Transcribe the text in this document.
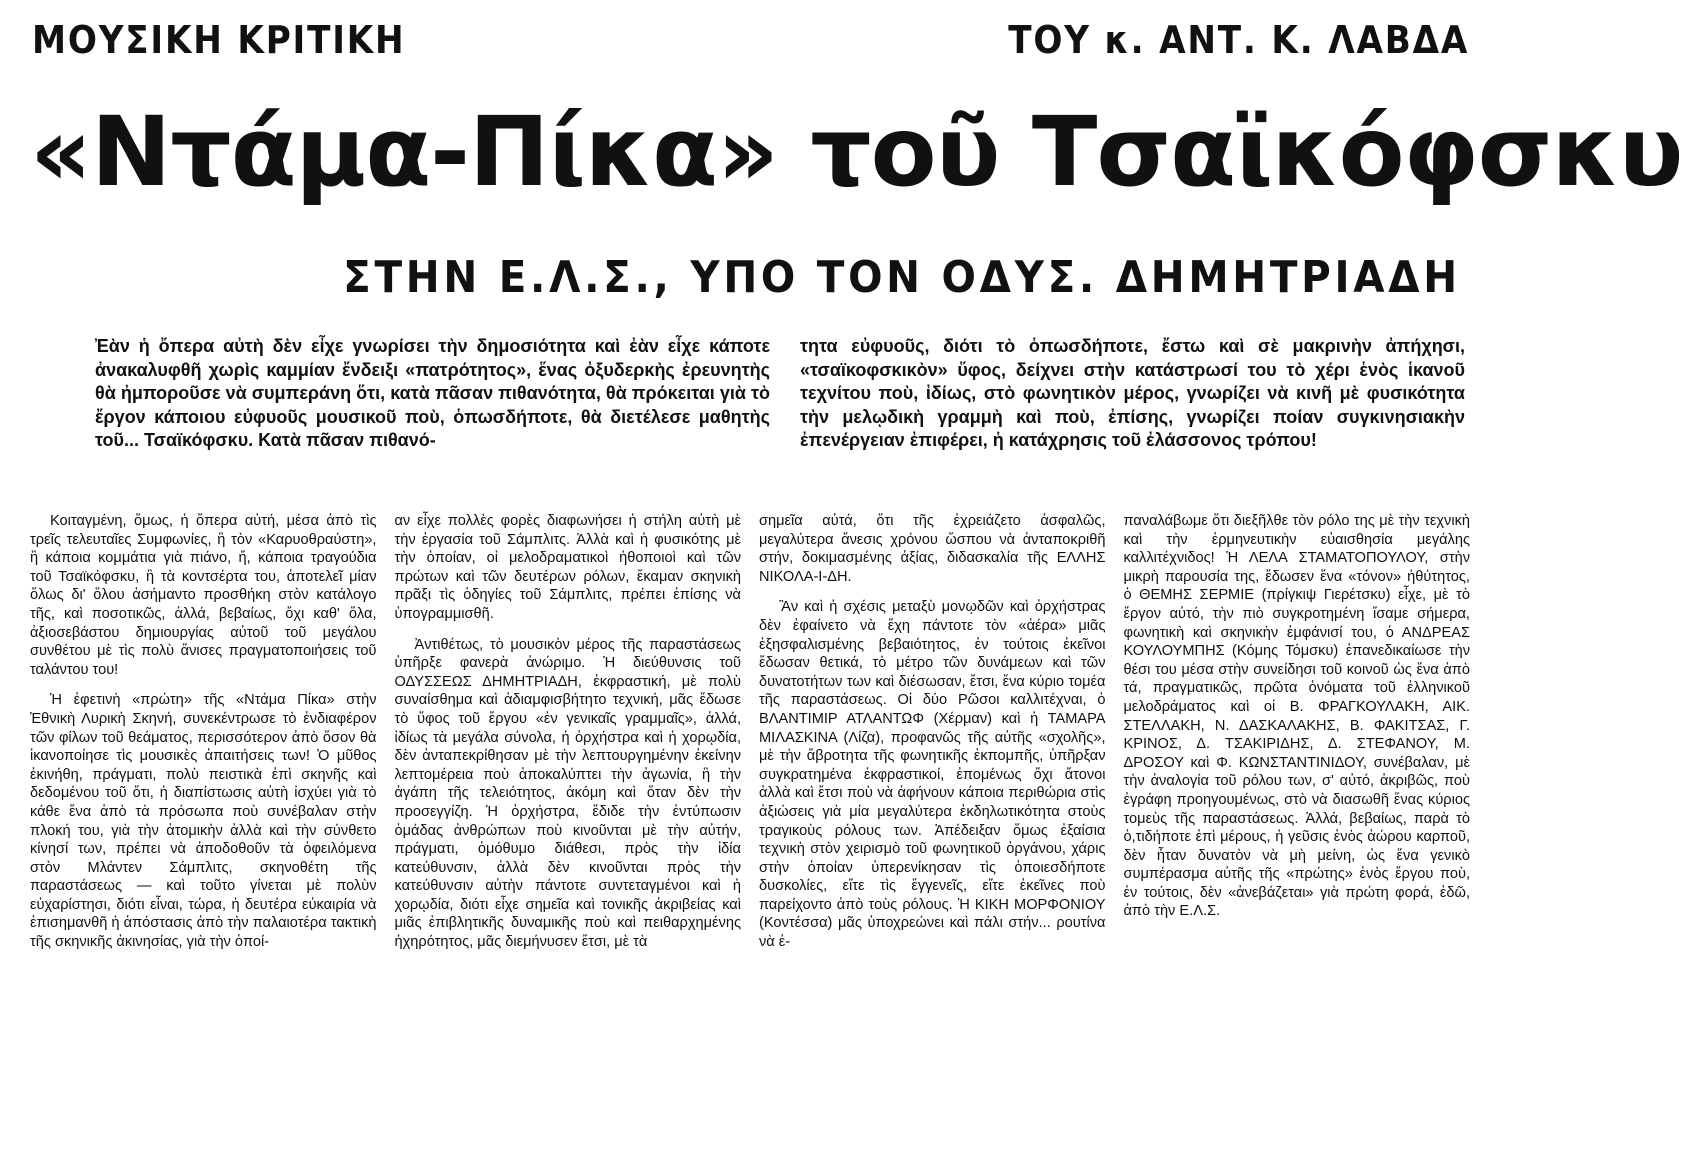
ΜΟΥΣΙΚΗ ΚΡΙΤΙΚΗ	ΤΟΥ κ. ΑΝΤ. Κ. ΛΑΒΔΑ
«Ντάμα-Πίκα» τοῦ Τσαϊκόφσκυ
ΣΤΗΝ Ε.Λ.Σ., ΥΠΟ ΤΟΝ ΟΔΥΣ. ΔΗΜΗΤΡΙΑΔΗ

Ἐὰν ἡ ὄπερα αὐτὴ δὲν εἶχε γνωρίσει τὴν δημοσιότητα καὶ ἐὰν εἶχε κάποτε ἀνακαλυφθῆ χωρὶς καμμίαν ἔνδειξι «πατρότητος», ἕνας ὀξυδερκὴς ἐρευνητὴς θὰ ἠμποροῦσε νὰ συμπεράνη ὅτι, κατὰ πᾶσαν πιθανότητα, θὰ πρόκειται γιὰ τὸ ἔργον κάποιου εὐφυοῦς μουσικοῦ ποὺ, ὁπωσδήποτε, θὰ διετέλεσε μαθητὴς τοῦ... Τσαϊκόφσκυ. Κατὰ πᾶσαν πιθανό-

τητα εὐφυοῦς, διότι τὸ ὁπωσδήποτε, ἔστω καὶ σὲ μακρινὴν ἀπήχησι, «τσαϊκοφσκικὸν» ὕφος, δείχνει στὴν κατάστρωσί του τὸ χέρι ἑνὸς ἱκανοῦ τεχνίτου ποὺ, ἰδίως, στὸ φωνητικὸν μέρος, γνωρίζει νὰ κινῆ μὲ φυσικότητα τὴν μελῳδικὴ γραμμὴ καὶ ποὺ, ἐπίσης, γνωρίζει ποίαν συγκινησιακὴν ἐπενέργειαν ἐπιφέρει, ἡ κατάχρησις τοῦ ἐλάσσονος τρόπου!

Κοιταγμένη, ὅμως, ἡ ὄπερα αὐτή, μέσα ἀπὸ τὶς τρεῖς τελευταῖες Συμφωνίες, ἢ τὸν «Καρυοθραύστη», ἢ κάποια κομμάτια γιὰ πιάνο, ἤ, κάποια τραγούδια τοῦ Τσαϊκόφσκυ, ἢ τὰ κοντσέρτα του, ἀποτελεῖ μίαν ὅλως δι' ὅλου ἀσήμαντο προσθήκη στὸν κατάλογο τῆς, καὶ ποσοτικῶς, ἀλλά, βεβαίως, ὄχι καθ' ὅλα, ἀξιοσεβάστου δημιουργίας αὐτοῦ τοῦ μεγάλου συνθέτου μὲ τὶς πολὺ ἄνισες πραγματοποιήσεις τοῦ ταλάντου του!

Ἡ ἐφετινὴ «πρώτη» τῆς «Ντάμα Πίκα» στὴν Ἐθνικὴ Λυρικὴ Σκηνή, συνεκέντρωσε τὸ ἐνδιαφέρον τῶν φίλων τοῦ θεάματος, περισσότερον ἀπὸ ὅσον θὰ ἱκανοποίησε τὶς μουσικὲς ἀπαιτήσεις των! Ὁ μῦθος ἐκινήθη, πράγματι, πολὺ πειστικὰ ἐπὶ σκηνῆς καὶ δεδομένου τοῦ ὅτι, ἡ διαπίστωσις αὐτὴ ἰσχύει γιὰ τὸ κάθε ἕνα ἀπὸ τὰ πρόσωπα ποὺ συνέβαλαν στὴν πλοκή του, γιὰ τὴν ἀτομικὴν ἀλλὰ καὶ τὴν σύνθετο κίνησί των, πρέπει νὰ ἀποδοθοῦν τὰ ὀφειλόμενα στὸν Μλάντεν Σάμπλιτς, σκηνοθέτη τῆς παραστάσεως — καὶ τοῦτο γίνεται μὲ πολὺν εὐχαρίστησι, διότι εἶναι, τώρα, ἡ δευτέρα εὐκαιρία νὰ ἐπισημανθῆ ἡ ἀπόστασις ἀπὸ τὴν παλαιοτέρα τακτικὴ τῆς σκηνικῆς ἀκινησίας, γιὰ τὴν ὁποί-

αν εἶχε πολλὲς φορὲς διαφωνήσει ἡ στήλη αὐτὴ μὲ τὴν ἐργασία τοῦ Σάμπλιτς. Ἀλλὰ καὶ ἡ φυσικότης μὲ τὴν ὁποίαν, οἱ μελοδραματικοὶ ἠθοποιοὶ καὶ τῶν πρώτων καὶ τῶν δευτέρων ρόλων, ἔκαμαν σκηνικὴ πρᾶξι τὶς ὁδηγίες τοῦ Σάμπλιτς, πρέπει ἐπίσης νὰ ὑπογραμμισθῆ.

Ἀντιθέτως, τὸ μουσικὸν μέρος τῆς παραστάσεως ὑπῆρξε φανερὰ ἀνώριμο. Ἡ διεύθυνσις τοῦ ΟΔΥΣΣΕΩΣ ΔΗΜΗΤΡΙΑΔΗ, ἐκφραστική, μὲ πολὺ συναίσθημα καὶ ἀδιαμφισβήτητο τεχνική, μᾶς ἔδωσε τὸ ὕφος τοῦ ἔργου «ἐν γενικαῖς γραμμαῖς», ἀλλά, ἰδίως τὰ μεγάλα σύνολα, ἡ ὀρχήστρα καὶ ἡ χορῳδία, δὲν ἀνταπεκρίθησαν μὲ τὴν λεπτουργημένην ἐκείνην λεπτομέρεια ποὺ ἀποκαλύπτει τὴν ἀγωνία, ἢ τὴν ἀγάπη τῆς τελειότητος, ἀκόμη καὶ ὅταν δὲν τὴν προσεγγίζη. Ἡ ὀρχήστρα, ἔδιδε τὴν ἐντύπωσιν ὁμάδας ἀνθρώπων ποὺ κινοῦνται μὲ τὴν αὐτήν, πράγματι, ὁμόθυμο διάθεσι, πρὸς τὴν ἰδία κατεύθυνσιν, ἀλλὰ δὲν κινοῦνται πρὸς τὴν κατεύθυνσιν αὐτὴν πάντοτε συντεταγμένοι καὶ ἡ χορῳδία, διότι εἶχε σημεῖα καὶ τονικῆς ἀκριβείας καὶ μιᾶς ἐπιβλητικῆς δυναμικῆς ποὺ καὶ πειθαρχημένης ἠχηρότητος, μᾶς διεμήνυσεν ἔτσι, μὲ τὰ

σημεῖα αὐτά, ὅτι τῆς ἐχρειάζετο ἀσφαλῶς, μεγαλύτερα ἄνεσις χρόνου ὥσπου νὰ ἀνταποκριθῆ στήν, δοκιμασμένης ἀξίας, διδασκαλία τῆς ΕΛΛΗΣ ΝΙΚΟΛΑ-Ι-ΔΗ.

Ἂν καὶ ἡ σχέσις μεταξὺ μονῳδῶν καὶ ὀρχήστρας δὲν ἐφαίνετο νὰ ἔχη πάντοτε τὸν «ἀέρα» μιᾶς ἐξησφαλισμένης βεβαιότητος, ἐν τούτοις ἐκεῖνοι ἔδωσαν θετικά, τὸ μέτρο τῶν δυνάμεων καὶ τῶν δυνατοτήτων των καὶ διέσωσαν, ἔτσι, ἕνα κύριο τομέα τῆς παραστάσεως. Οἱ δύο Ρῶσοι καλλιτέχναι, ὁ ΒΛΑΝΤΙΜΙΡ ΑΤΛΑΝΤΩΦ (Χέρμαν) καὶ ἡ ΤΑΜΑΡΑ ΜΙΛΑΣΚΙΝΑ (Λίζα), προφανῶς τῆς αὐτῆς «σχολῆς», μὲ τὴν ἄβροτητα τῆς φωνητικῆς ἐκπομπῆς, ὑπῆρξαν συγκρατημένα ἐκφραστικοί, ἐπομένως ὄχι ἄτονοι ἀλλὰ καὶ ἔτσι ποὺ νὰ ἀφήνουν κάποια περιθώρια στὶς ἀξιώσεις γιὰ μία μεγαλύτερα ἐκδηλωτικότητα στοὺς τραγικοὺς ρόλους των. Ἀπέδειξαν ὅμως ἐξαίσια τεχνικὴ στὸν χειρισμὸ τοῦ φωνητικοῦ ὀργάνου, χάρις στὴν ὁποίαν ὑπερενίκησαν τὶς ὁποιεσδήποτε δυσκολίες, εἴτε τὶς ἔγγενεῖς, εἴτε ἐκεῖνες ποὺ παρείχοντο ἀπὸ τοὺς ρόλους. Ἡ ΚΙΚΗ ΜΟΡΦΟΝΙΟΥ (Κοντέσσα) μᾶς ὑποχρεώνει καὶ πάλι στήν... ρουτίνα νὰ ἐ-

παναλάβωμε ὅτι διεξῆλθε τὸν ρόλο της μὲ τὴν τεχνικὴ καὶ τὴν ἑρμηνευτικὴν εὐαισθησία μεγάλης καλλιτέχνιδος! Ἡ ΛΕΛΑ ΣΤΑΜΑΤΟΠΟΥΛΟΥ, στὴν μικρὴ παρουσία της, ἔδωσεν ἕνα «τόνον» ἠθύτητος, ὁ ΘΕΜΗΣ ΣΕΡΜΙΕ (πρίγκιψ Γιερέτσκυ) εἶχε, μὲ τὸ ἔργον αὐτό, τὴν πιὸ συγκροτημένη ἴσαμε σήμερα, φωνητικὴ καὶ σκηνικὴν ἐμφάνισί του, ὁ ΑΝΔΡΕΑΣ ΚΟΥΛΟΥΜΠΗΣ (Κόμης Τόμσκυ) ἐπανεδικαίωσε τὴν θέσι του μέσα στὴν συνείδησι τοῦ κοινοῦ ὡς ἕνα ἀπὸ τά, πραγματικῶς, πρῶτα ὀνόματα τοῦ ἑλληνικοῦ μελοδράματος καὶ οἱ Β. ΦΡΑΓΚΟΥΛΑΚΗ, ΑΙΚ. ΣΤΕΛΛΑΚΗ, Ν. ΔΑΣΚΑΛΑΚΗΣ, Β. ΦΑΚΙΤΣΑΣ, Γ. ΚΡΙΝΟΣ, Δ. ΤΣΑΚΙΡΙΔΗΣ, Δ. ΣΤΕΦΑΝΟΥ, Μ. ΔΡΟΣΟΥ καὶ Φ. ΚΩΝΣΤΑΝΤΙΝΙΔΟΥ, συνέβαλαν, μὲ τὴν ἀναλογία τοῦ ρόλου των, σ' αὐτό, ἀκριβῶς, ποὺ ἐγράφη προηγουμένως, στὸ νὰ διασωθῆ ἕνας κύριος τομεὺς τῆς παραστάσεως. Ἀλλά, βεβαίως, παρὰ τὸ ὁ,τιδήποτε ἐπὶ μέρους, ἡ γεῦσις ἑνὸς ἀώρου καρποῦ, δὲν ἦταν δυνατὸν νὰ μὴ μείνη, ὡς ἕνα γενικὸ συμπέρασμα αὐτῆς τῆς «πρώτης» ἑνὸς ἔργου ποὺ, ἐν τούτοις, δὲν «ἀνεβάζεται» γιὰ πρώτη φορά, ἐδῶ, ἀπὸ τὴν Ε.Λ.Σ.
